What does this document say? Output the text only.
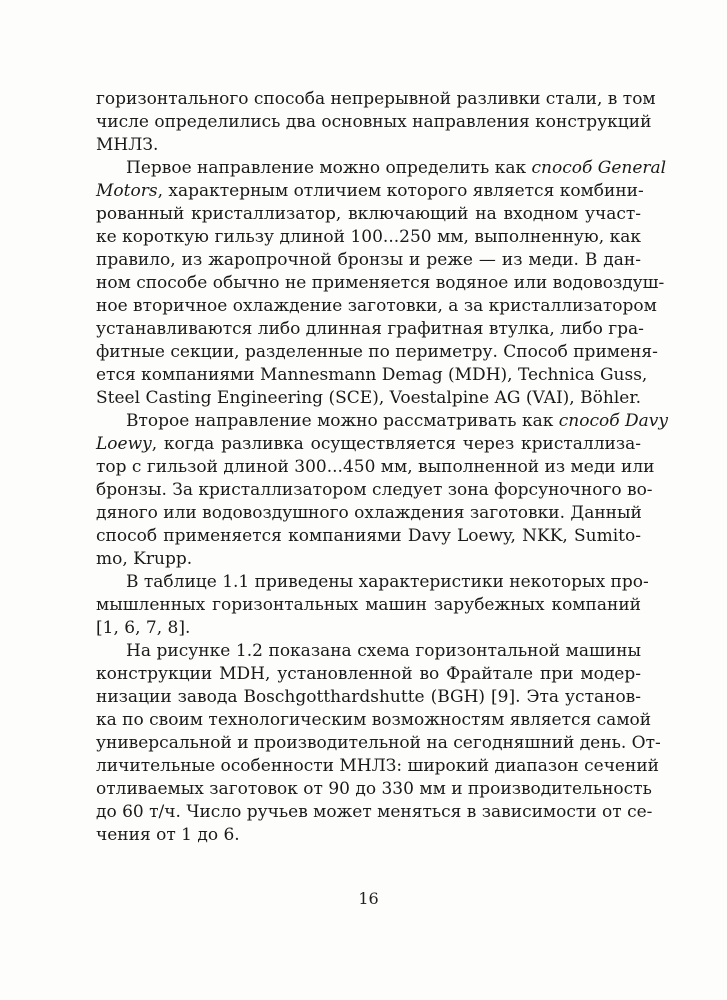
горизонтального способа непрерывной разливки стали, в том
числе определились два основных направления конструкций
МНЛЗ.
Первое направление можно определить как способ General
Motors, характерным отличием которого является комбини-
рованный кристаллизатор, включающий на входном участ-
ке короткую гильзу длиной 100...250 мм, выполненную, как
правило, из жаропрочной бронзы и реже — из меди. В дан-
ном способе обычно не применяется водяное или водовоздуш-
ное вторичное охлаждение заготовки, а за кристаллизатором
устанавливаются либо длинная графитная втулка, либо гра-
фитные секции, разделенные по периметру. Способ применя-
ется компаниями Mannesmann Demag (MDH), Technica Guss,
Steel Casting Engineering (SCE), Voestalpine AG (VAI), Böhler.
Второе направление можно рассматривать как способ Davy
Loewy, когда разливка осуществляется через кристаллиза-
тор с гильзой длиной 300...450 мм, выполненной из меди или
бронзы. За кристаллизатором следует зона форсуночного во-
дяного или водовоздушного охлаждения заготовки. Данный
способ применяется компаниями Davy Loewy, NKK, Sumito-
mo, Krupp.
В таблице 1.1 приведены характеристики некоторых про-
мышленных горизонтальных машин зарубежных компаний
[1, 6, 7, 8].
На рисунке 1.2 показана схема горизонтальной машины
конструкции MDH, установленной во Фрайтале при модер-
низации завода Boschgotthardshutte (BGH) [9]. Эта установ-
ка по своим технологическим возможностям является самой
универсальной и производительной на сегодняшний день. От-
личительные особенности МНЛЗ: широкий диапазон сечений
отливаемых заготовок от 90 до 330 мм и производительность
до 60 т/ч. Число ручьев может меняться в зависимости от се-
чения от 1 до 6.
16
